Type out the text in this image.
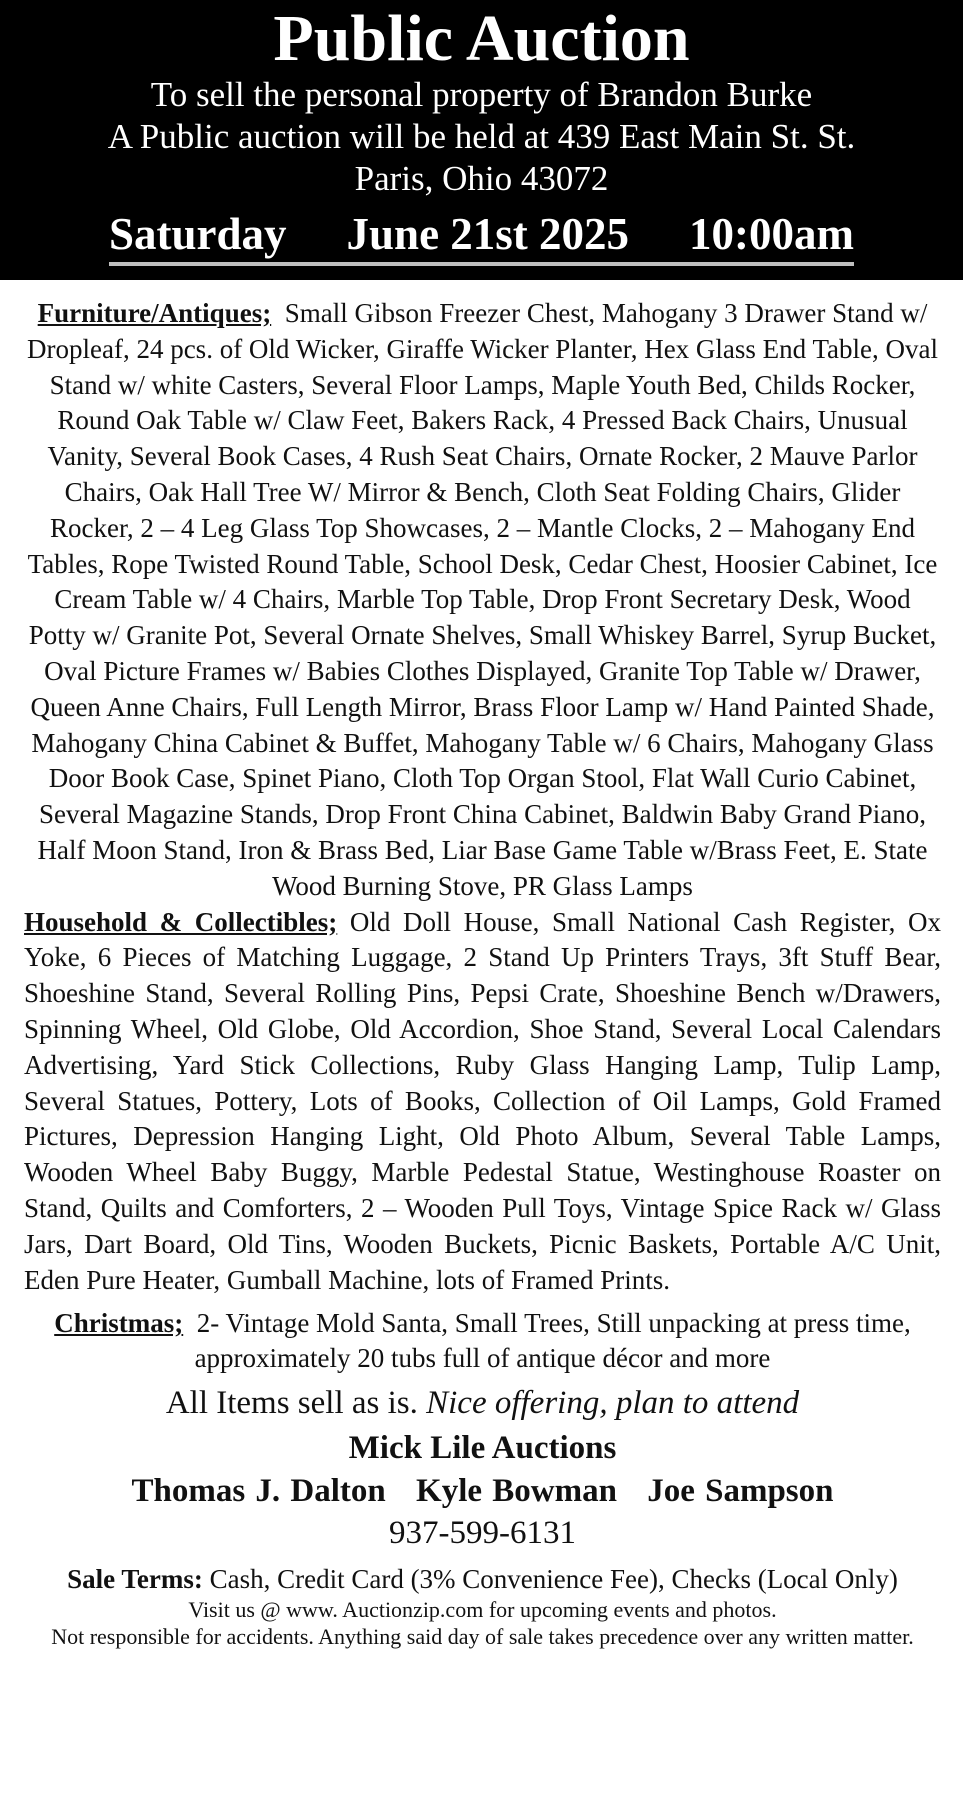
Public Auction
To sell the personal property of Brandon Burke
A Public auction will be held at 439 East Main St. St.
Paris, Ohio 43072
Saturday June 21st 2025 10:00am

Furniture/Antiques; Small Gibson Freezer Chest, Mahogany 3 Drawer Stand w/ Dropleaf, 24 pcs. of Old Wicker, Giraffe Wicker Planter, Hex Glass End Table, Oval Stand w/ white Casters, Several Floor Lamps, Maple Youth Bed, Childs Rocker, Round Oak Table w/ Claw Feet, Bakers Rack, 4 Pressed Back Chairs, Unusual Vanity, Several Book Cases, 4 Rush Seat Chairs, Ornate Rocker, 2 Mauve Parlor Chairs, Oak Hall Tree W/ Mirror & Bench, Cloth Seat Folding Chairs, Glider Rocker, 2 – 4 Leg Glass Top Showcases, 2 – Mantle Clocks, 2 – Mahogany End Tables, Rope Twisted Round Table, School Desk, Cedar Chest, Hoosier Cabinet, Ice Cream Table w/ 4 Chairs, Marble Top Table, Drop Front Secretary Desk, Wood Potty w/ Granite Pot, Several Ornate Shelves, Small Whiskey Barrel, Syrup Bucket, Oval Picture Frames w/ Babies Clothes Displayed, Granite Top Table w/ Drawer, Queen Anne Chairs, Full Length Mirror, Brass Floor Lamp w/ Hand Painted Shade, Mahogany China Cabinet & Buffet, Mahogany Table w/ 6 Chairs, Mahogany Glass Door Book Case, Spinet Piano, Cloth Top Organ Stool, Flat Wall Curio Cabinet, Several Magazine Stands, Drop Front China Cabinet, Baldwin Baby Grand Piano, Half Moon Stand, Iron & Brass Bed, Liar Base Game Table w/Brass Feet, E. State Wood Burning Stove, PR Glass Lamps

Household & Collectibles; Old Doll House, Small National Cash Register, Ox Yoke, 6 Pieces of Matching Luggage, 2 Stand Up Printers Trays, 3ft Stuff Bear, Shoeshine Stand, Several Rolling Pins, Pepsi Crate, Shoeshine Bench w/Drawers, Spinning Wheel, Old Globe, Old Accordion, Shoe Stand, Several Local Calendars Advertising, Yard Stick Collections, Ruby Glass Hanging Lamp, Tulip Lamp, Several Statues, Pottery, Lots of Books, Collection of Oil Lamps, Gold Framed Pictures, Depression Hanging Light, Old Photo Album, Several Table Lamps, Wooden Wheel Baby Buggy, Marble Pedestal Statue, Westinghouse Roaster on Stand, Quilts and Comforters, 2 – Wooden Pull Toys, Vintage Spice Rack w/ Glass Jars, Dart Board, Old Tins, Wooden Buckets, Picnic Baskets, Portable A/C Unit, Eden Pure Heater, Gumball Machine, lots of Framed Prints.

Christmas; 2- Vintage Mold Santa, Small Trees, Still unpacking at press time, approximately 20 tubs full of antique décor and more
All Items sell as is. Nice offering, plan to attend
Mick Lile Auctions
Thomas J. Dalton Kyle Bowman Joe Sampson
937-599-6131
Sale Terms: Cash, Credit Card (3% Convenience Fee), Checks (Local Only)
Visit us @ www. Auctionzip.com for upcoming events and photos.
Not responsible for accidents. Anything said day of sale takes precedence over any written matter.
